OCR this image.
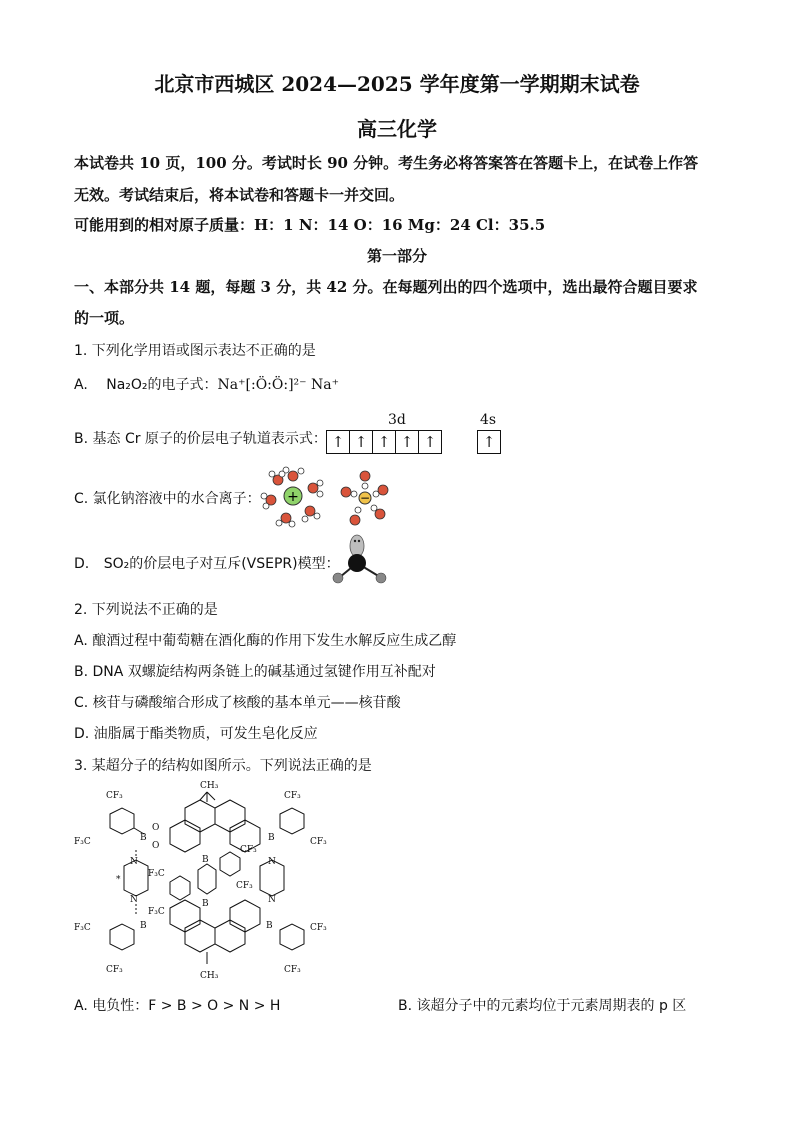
北京市西城区 2024—2025 学年度第一学期期末试卷
高三化学
本试卷共 10 页，100 分。考试时长 90 分钟。考生务必将答案答在答题卡上，在试卷上作答
无效。考试结束后，将本试卷和答题卡一并交回。
可能用到的相对原子质量：H：1 N：14 O：16 Mg：24 Cl：35.5
第一部分
一、本部分共 14 题，每题 3 分，共 42 分。在每题列出的四个选项中，选出最符合题目要求
的一项。
1. 下列化学用语或图示表达不正确的是
A. Na₂O₂的电子式：Na⁺[:Ö:Ö:]²⁻ Na⁺
B. 基态 Cr 原子的价层电子轨道表示式：
3d	4s
↑ ↑ ↑ ↑ ↑	↑
C. 氯化钠溶液中的水合离子： +	−
D. SO₂的价层电子对互斥(VSEPR)模型：
2. 下列说法不正确的是
A. 酿酒过程中葡萄糖在酒化酶的作用下发生水解反应生成乙醇
B. DNA 双螺旋结构两条链上的碱基通过氢键作用互补配对
C. 核苷与磷酸缩合形成了核酸的基本单元——核苷酸
D. 油脂属于酯类物质，可发生皂化反应
3. 某超分子的结构如图所示。下列说法正确的是
CH₃
CH₃
CF₃
F₃C	B
O
O
CF₃
CF₃
B
F₃C
CF₃
B	CF₃
CF₃
B
N
N
*
N
N
B
B
CF₃
CF₃
F₃C
F₃C
A. 电负性：F > B > O > N > H	B. 该超分子中的元素均位于元素周期表的 p 区
